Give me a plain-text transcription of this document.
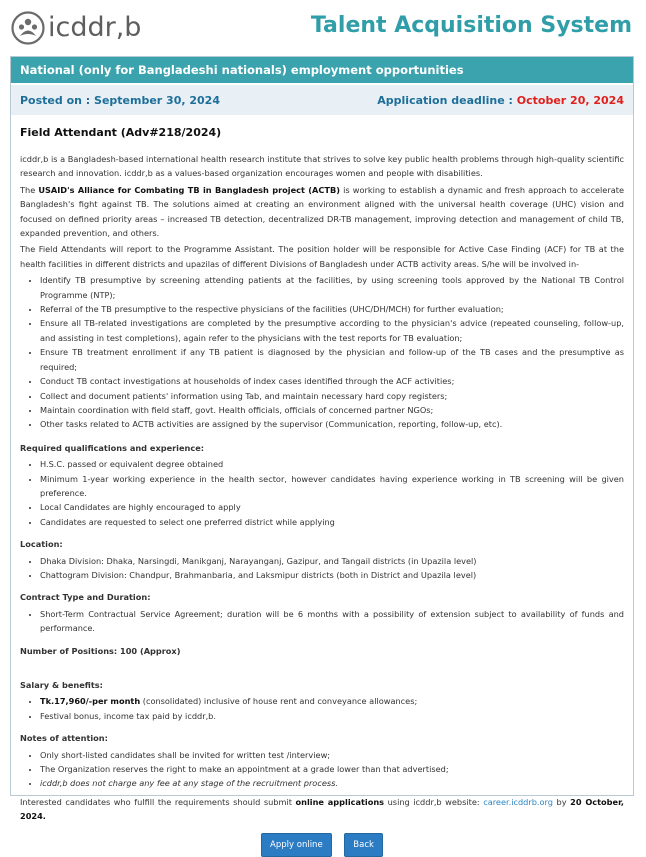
icddr,b	Talent Acquisition System
National (only for Bangladeshi nationals) employment opportunities
Posted on : September 30, 2024	Application deadline : October 20, 2024
Field Attendant (Adv#218/2024)

icddr,b is a Bangladesh-based international health research institute that strives to solve key public health problems through high-quality scientific research and innovation. icddr,b as a values-based organization encourages women and people with disabilities.

The USAID's Alliance for Combating TB in Bangladesh project (ACTB) is working to establish a dynamic and fresh approach to accelerate Bangladesh's fight against TB. The solutions aimed at creating an environment aligned with the universal health coverage (UHC) vision and focused on defined priority areas – increased TB detection, decentralized DR-TB management, improving detection and management of child TB, expanded prevention, and others.

The Field Attendants will report to the Programme Assistant. The position holder will be responsible for Active Case Finding (ACF) for TB at the health facilities in different districts and upazilas of different Divisions of Bangladesh under ACTB activity areas. S/he will be involved in-

• Identify TB presumptive by screening attending patients at the facilities, by using screening tools approved by the National TB Control Programme (NTP);
• Referral of the TB presumptive to the respective physicians of the facilities (UHC/DH/MCH) for further evaluation;
• Ensure all TB-related investigations are completed by the presumptive according to the physician's advice (repeated counseling, follow-up, and assisting in test completions), again refer to the physicians with the test reports for TB evaluation;
• Ensure TB treatment enrollment if any TB patient is diagnosed by the physician and follow-up of the TB cases and the presumptive as required;
• Conduct TB contact investigations at households of index cases identified through the ACF activities;
• Collect and document patients' information using Tab, and maintain necessary hard copy registers;
• Maintain coordination with field staff, govt. Health officials, officials of concerned partner NGOs;
• Other tasks related to ACTB activities are assigned by the supervisor (Communication, reporting, follow-up, etc).

Required qualifications and experience:

• H.S.C. passed or equivalent degree obtained
• Minimum 1-year working experience in the health sector, however candidates having experience working in TB screening will be given preference.
• Local Candidates are highly encouraged to apply
• Candidates are requested to select one preferred district while applying

Location:

• Dhaka Division: Dhaka, Narsingdi, Manikganj, Narayanganj, Gazipur, and Tangail districts (in Upazila level)
• Chattogram Division: Chandpur, Brahmanbaria, and Laksmipur districts (both in District and Upazila level)

Contract Type and Duration:

• Short-Term Contractual Service Agreement; duration will be 6 months with a possibility of extension subject to availability of funds and performance.

Number of Positions: 100 (Approx)

Salary & benefits:

• Tk.17,960/-per month (consolidated) inclusive of house rent and conveyance allowances;
• Festival bonus, income tax paid by icddr,b.

Notes of attention:

• Only short-listed candidates shall be invited for written test /interview;
• The Organization reserves the right to make an appointment at a grade lower than that advertised;
• icddr,b does not charge any fee at any stage of the recruitment process.

Interested candidates who fulfill the requirements should submit online applications using icddr,b website: career.icddrb.org by 20 October, 2024.

Apply online	Back
